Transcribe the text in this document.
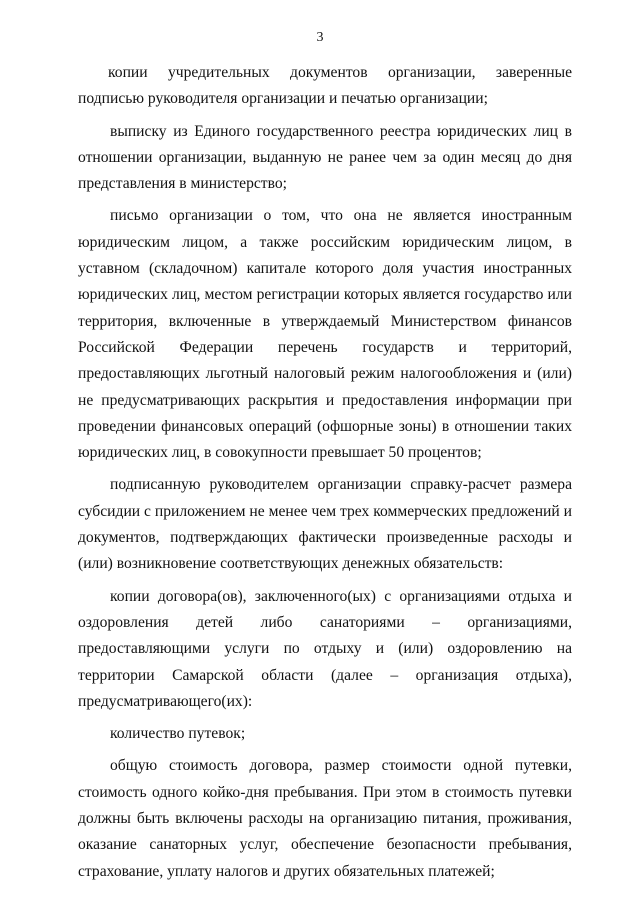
3

копии учредительных документов организации, заверенные подписью руководителя организации и печатью организации;

выписку из Единого государственного реестра юридических лиц в отношении организации, выданную не ранее чем за один месяц до дня представления в министерство;

письмо организации о том, что она не является иностранным юридическим лицом, а также российским юридическим лицом, в уставном (складочном) капитале которого доля участия иностранных юридических лиц, местом регистрации которых является государство или территория, включенные в утверждаемый Министерством финансов Российской Федерации перечень государств и территорий, предоставляющих льготный налоговый режим налогообложения и (или) не предусматривающих раскрытия и предоставления информации при проведении финансовых операций (офшорные зоны) в отношении таких юридических лиц, в совокупности превышает 50 процентов;

подписанную руководителем организации справку-расчет размера субсидии с приложением не менее чем трех коммерческих предложений и документов, подтверждающих фактически произведенные расходы и (или) возникновение соответствующих денежных обязательств:

копии договора(ов), заключенного(ых) с организациями отдыха и оздоровления детей либо санаториями – организациями, предоставляющими услуги по отдыху и (или) оздоровлению на территории Самарской области (далее – организация отдыха), предусматривающего(их):

количество путевок;

общую стоимость договора, размер стоимости одной путевки, стоимость одного койко-дня пребывания. При этом в стоимость путевки должны быть включены расходы на организацию питания, проживания, оказание санаторных услуг, обеспечение безопасности пребывания, страхование, уплату налогов и других обязательных платежей;
